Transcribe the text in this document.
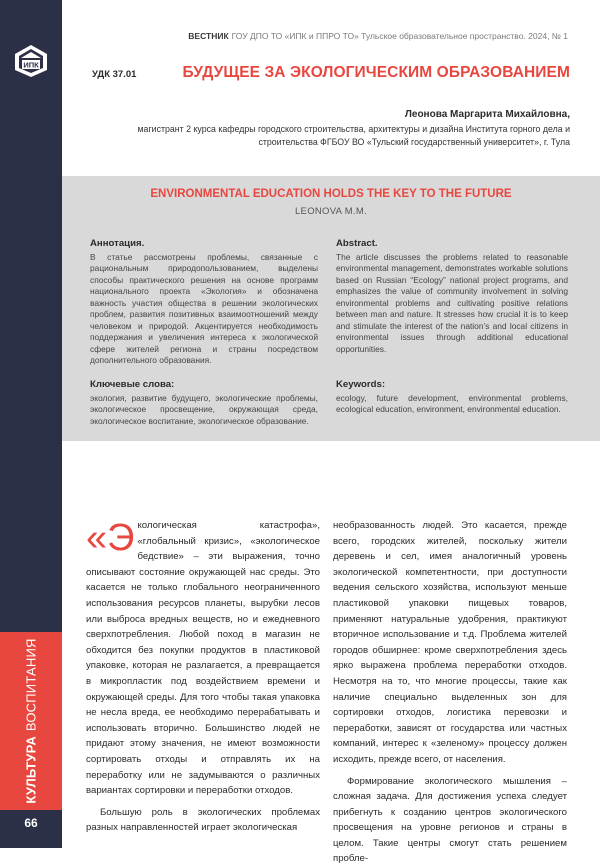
ИПК
КУЛЬТУРАВОСПИТАНИЯ
66
ВЕСТНИК ГОУ ДПО ТО «ИПК и ППРО ТО» Тульское образовательное пространство. 2024, № 1
УДК 37.01	БУДУЩЕЕ ЗА ЭКОЛОГИЧЕСКИМ ОБРАЗОВАНИЕМ
Леонова Маргарита Михайловна,
магистрант 2 курса кафедры городского строительства, архитектуры и дизайна Института горного дела и строительства ФГБОУ ВО «Тульский государственный университет», г. Тула
ENVIRONMENTAL EDUCATION HOLDS THE KEY TO THE FUTURE
LEONOVA M.M.
Аннотация.

В статье рассмотрены проблемы, связанные с рациональным природопользованием, выделены способы практического решения на основе программ национального проекта «Экология» и обозначена важность участия общества в решении экологических проблем, развития позитивных взаимоотношений между человеком и природой. Акцентируется необходимость поддержания и увеличения интереса к экологической сфере жителей региона и страны посредством дополнительного образования.

Ключевые слова:

экология, развитие будущего, экологические проблемы, экологическое просвещение, окружающая среда, экологическое воспитание, экологическое образование.

Abstract.

The article discusses the problems related to reasonable environmental management, demonstrates workable solutions based on Russian “Ecology” national project programs, and emphasizes the value of community involvement in solving environmental problems and cultivating positive relations between man and nature. It stresses how crucial it is to keep and stimulate the interest of the nation’s and local citizens in environmental issues through additional educational opportunities.

Keywords:

ecology, future development, environmental problems, ecological education, environment, environmental education.

«Э кологическая катастрофа», «глобальный кризис», «экологическое бедствие» – эти выражения, точно описывают состояние окружающей нас среды. Это касается не только глобального неограниченного использования ресурсов планеты, вырубки лесов или выброса вредных веществ, но и ежедневного сверхпотребления. Любой поход в магазин не обходится без покупки продуктов в пластиковой упаковке, которая не разлагается, а превращается в микропластик под воздействием времени и окружающей среды. Для того чтобы такая упаковка не несла вреда, ее необходимо перерабатывать и использовать вторично. Большинство людей не придают этому значения, не имеют возможности сортировать отходы и отправлять их на переработку или не задумываются о различных вариантах сортировки и переработки отходов.

Большую роль в экологических проблемах разных направленностей играет экологическая

необразованность людей. Это касается, прежде всего, городских жителей, поскольку жители деревень и сел, имея аналогичный уровень экологической компетентности, при доступности ведения сельского хозяйства, используют меньше пластиковой упаковки пищевых товаров, применяют натуральные удобрения, практикуют вторичное использование и т.д. Проблема жителей городов обширнее: кроме сверхпотребления здесь ярко выражена проблема переработки отходов. Несмотря на то, что многие процессы, такие как наличие специально выделенных зон для сортировки отходов, логистика перевозки и переработки, зависят от государства или частных компаний, интерес к «зеленому» процессу должен исходить, прежде всего, от населения.

Формирование экологического мышления – сложная задача. Для достижения успеха следует прибегнуть к созданию центров экологического просвещения на уровне регионов и страны в целом. Такие центры смогут стать решением пробле-
